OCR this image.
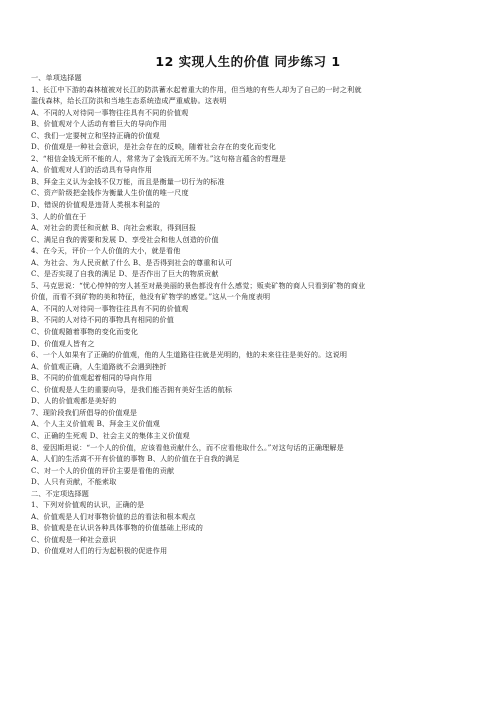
12 实现人生的价值 同步练习 1
一、单项选择题
1、长江中下游的森林植被对长江的防洪蓄水起着重大的作用，但当地的有些人却为了自己的一时之利就
滥伐森林，给长江防洪和当地生态系统造成严重威胁。这表明
A、不同的人对待同一事物往往具有不同的价值观
B、价值观对个人活动有着巨大的导向作用
C、我们一定要树立和坚持正确的价值观
D、价值观是一种社会意识，是社会存在的反映，随着社会存在的变化而变化
2、“相信金钱无所不能的人，常常为了金钱而无所不为。”这句格言蕴含的哲理是
A、价值观对人们的活动具有导向作用
B、拜金主义认为金钱不仅万能，而且是衡量一切行为的标准
C、资产阶级把金钱作为衡量人生价值的唯一尺度
D、错误的价值观是违背人类根本利益的
3、人的价值在于
A、对社会的责任和贡献 B、向社会索取，得到回报
C、满足自我的需要和发展 D、享受社会和他人创造的价值
4、在今天，评价一个人价值的大小，就是看他
A、为社会、为人民贡献了什么 B、是否得到社会的尊重和认可
C、是否实现了自我的满足 D、是否作出了巨大的物质贡献
5、马克思说：“忧心忡忡的穷人甚至对最美丽的景色都没有什么感觉；贩卖矿物的商人只看到矿物的商业
价值，而看不到矿物的美和特征，他没有矿物学的感觉。”这从一个角度表明
A、不同的人对待同一事物往往具有不同的价值观
B、不同的人对待不同的事物具有相同的价值
C、价值观随着事物的变化而变化
D、价值观人皆有之
6、一个人如果有了正确的价值观，他的人生道路往往就是光明的，他的未来往往是美好的。这说明
A、价值观正确，人生道路就不会遇到挫折
B、不同的价值观起着相同的导向作用
C、价值观是人生的重要向导，是我们能否拥有美好生活的航标
D、人的价值观都是美好的
7、现阶段我们所倡导的价值观是
A、个人主义价值观 B、拜金主义价值观
C、正确的生死观 D、社会主义的集体主义价值观
8、爱因斯坦说：“一个人的价值，应该看他贡献什么，而不应看他取什么。”对这句话的正确理解是
A、人们的生活离不开有价值的事物 B、人的价值在于自我的满足
C、对一个人的价值的评价主要是看他的贡献
D、人只有贡献，不能索取
二、不定项选择题
1、下列对价值观的认识，正确的是
A、价值观是人们对事物价值的总的看法和根本观点
B、价值观是在认识各种具体事物的价值基础上形成的
C、价值观是一种社会意识
D、价值观对人们的行为起积极的促进作用
